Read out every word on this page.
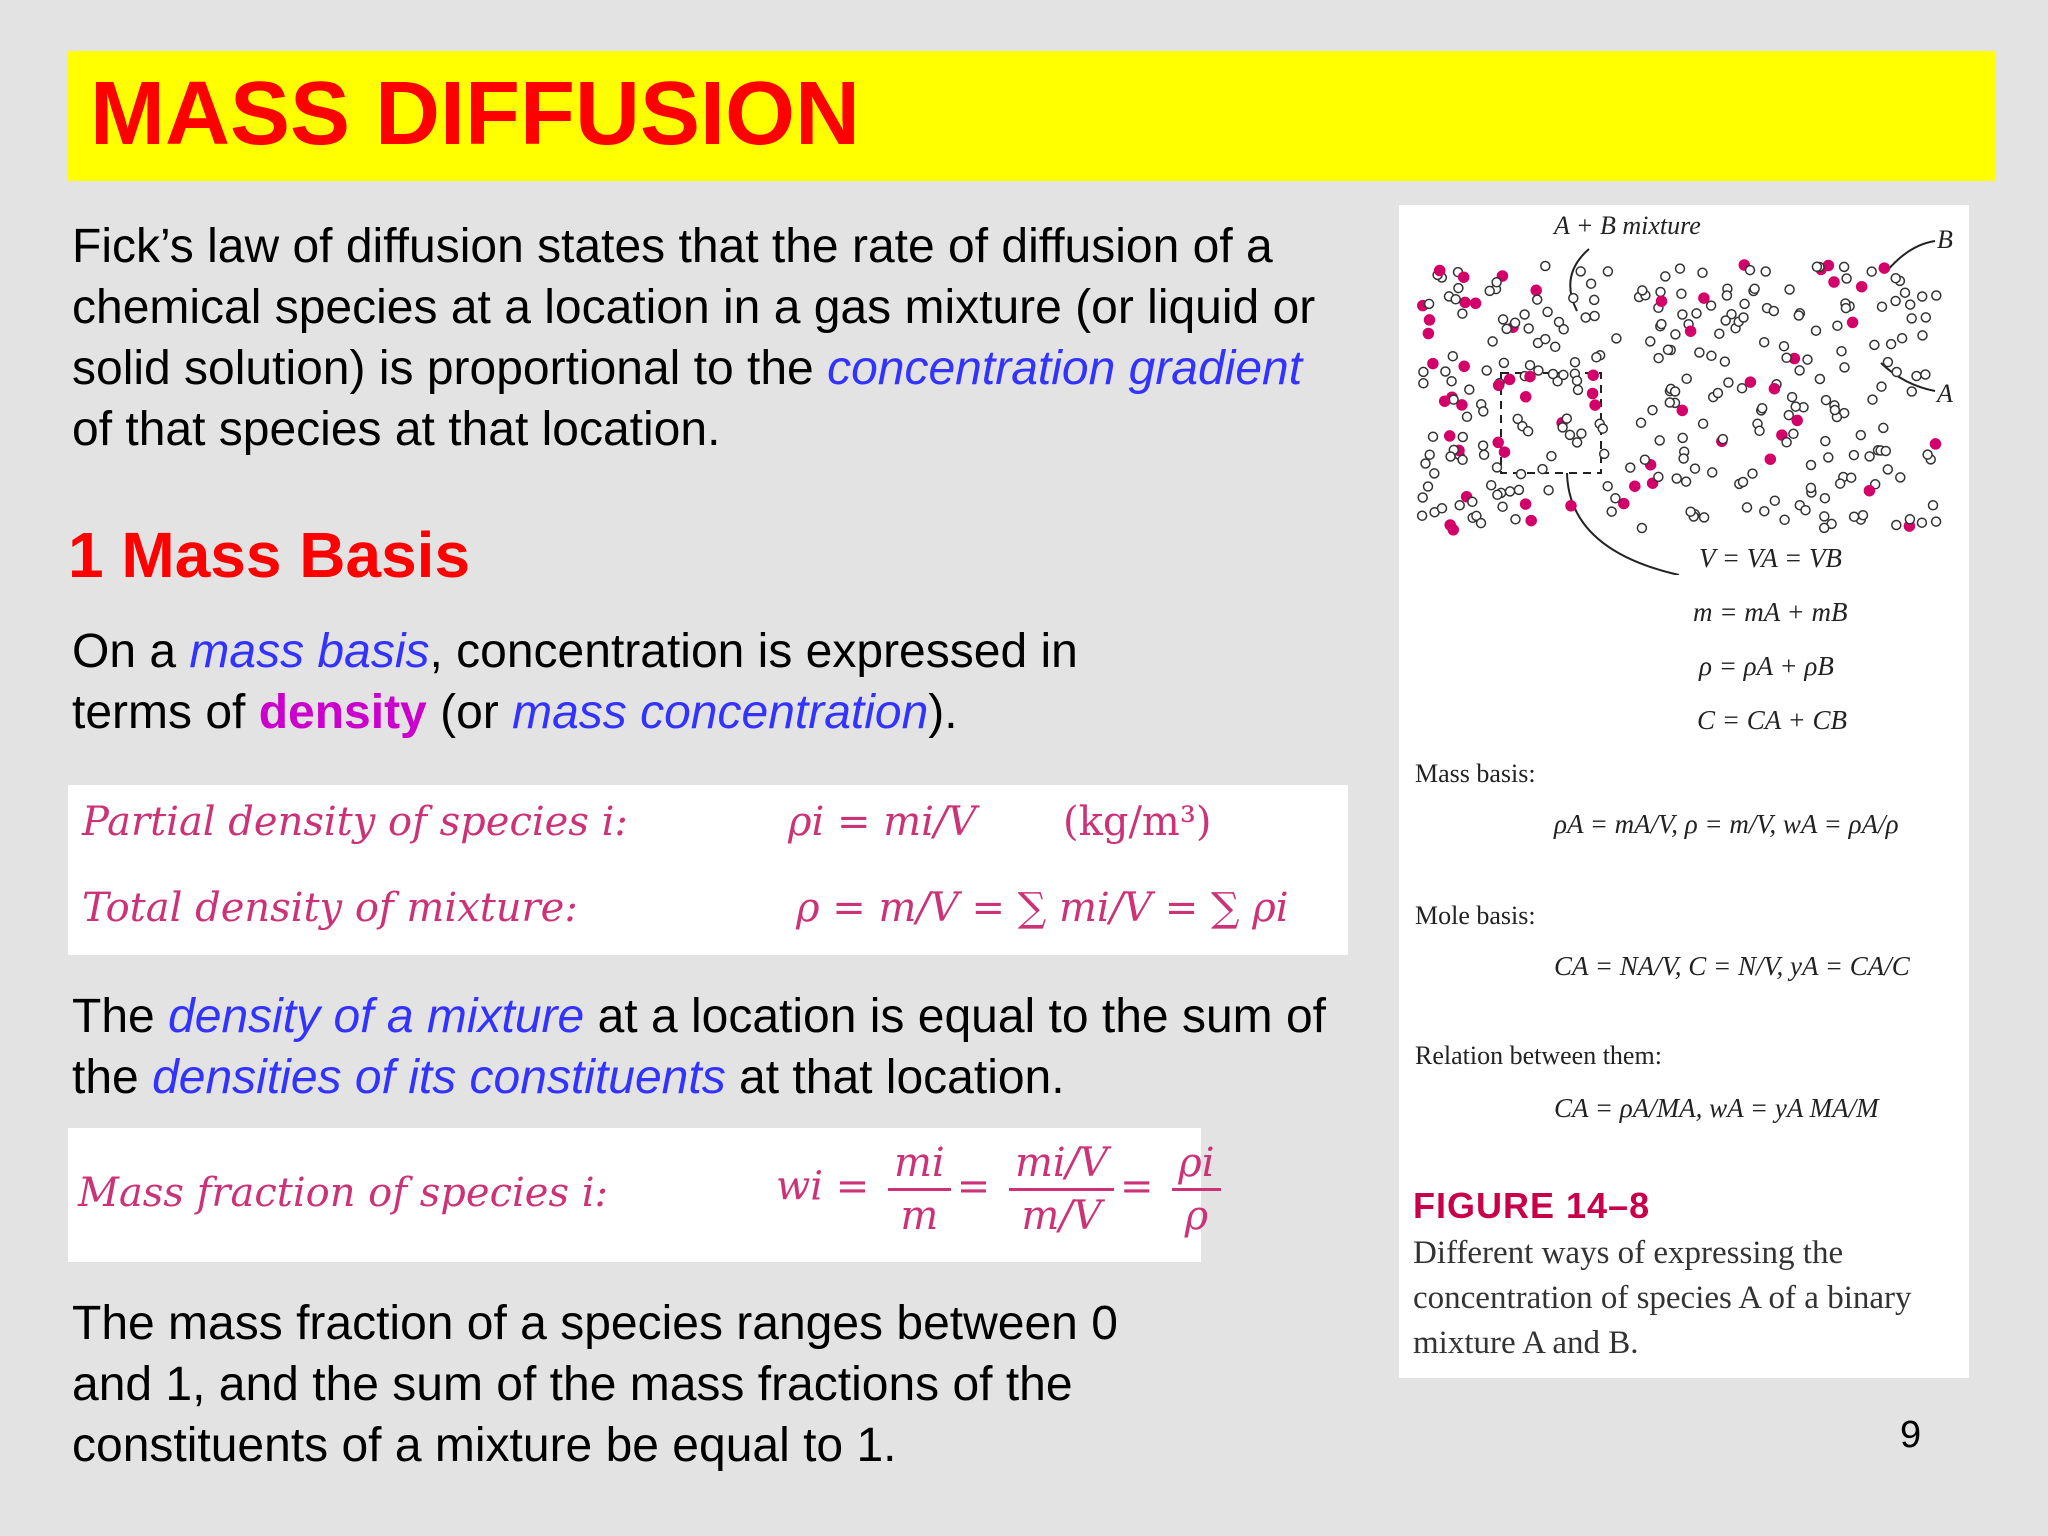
MASS DIFFUSION
Fick’s law of diffusion states that the rate of diffusion of a chemical species at a location in a gas mixture (or liquid or solid solution) is proportional to the concentration gradient of that species at that location.
1 Mass Basis
On a mass basis, concentration is expressed in terms of density (or mass concentration).
Partial density of species i:	ρi = mi/V (kg/m³)
Total density of mixture:	ρ = m/V = ∑ mi/V = ∑ ρi
The density of a mixture at a location is equal to the sum of the densities of its constituents at that location.
Mass fraction of species i:	wi = $\frac{mi}{m} = \frac{mi/V}{m/V} = \frac{\rho i}{\rho}$
The mass fraction of a species ranges between 0 and 1, and the sum of the mass fractions of the constituents of a mixture be equal to 1.
A + B mixture	B
A
V = VA = VB
m = mA + mB
ρ = ρA + ρB
C = CA + CB
Mass basis:
ρA = mA/V, ρ = m/V, wA = ρA/ρ
Mole basis:
CA = NA/V, C = N/V, yA = CA/C
Relation between them:
CA = ρA/MA, wA = yA MA/M
FIGURE 14–8
Different ways of expressing the concentration of species A of a binary mixture A and B.
9
